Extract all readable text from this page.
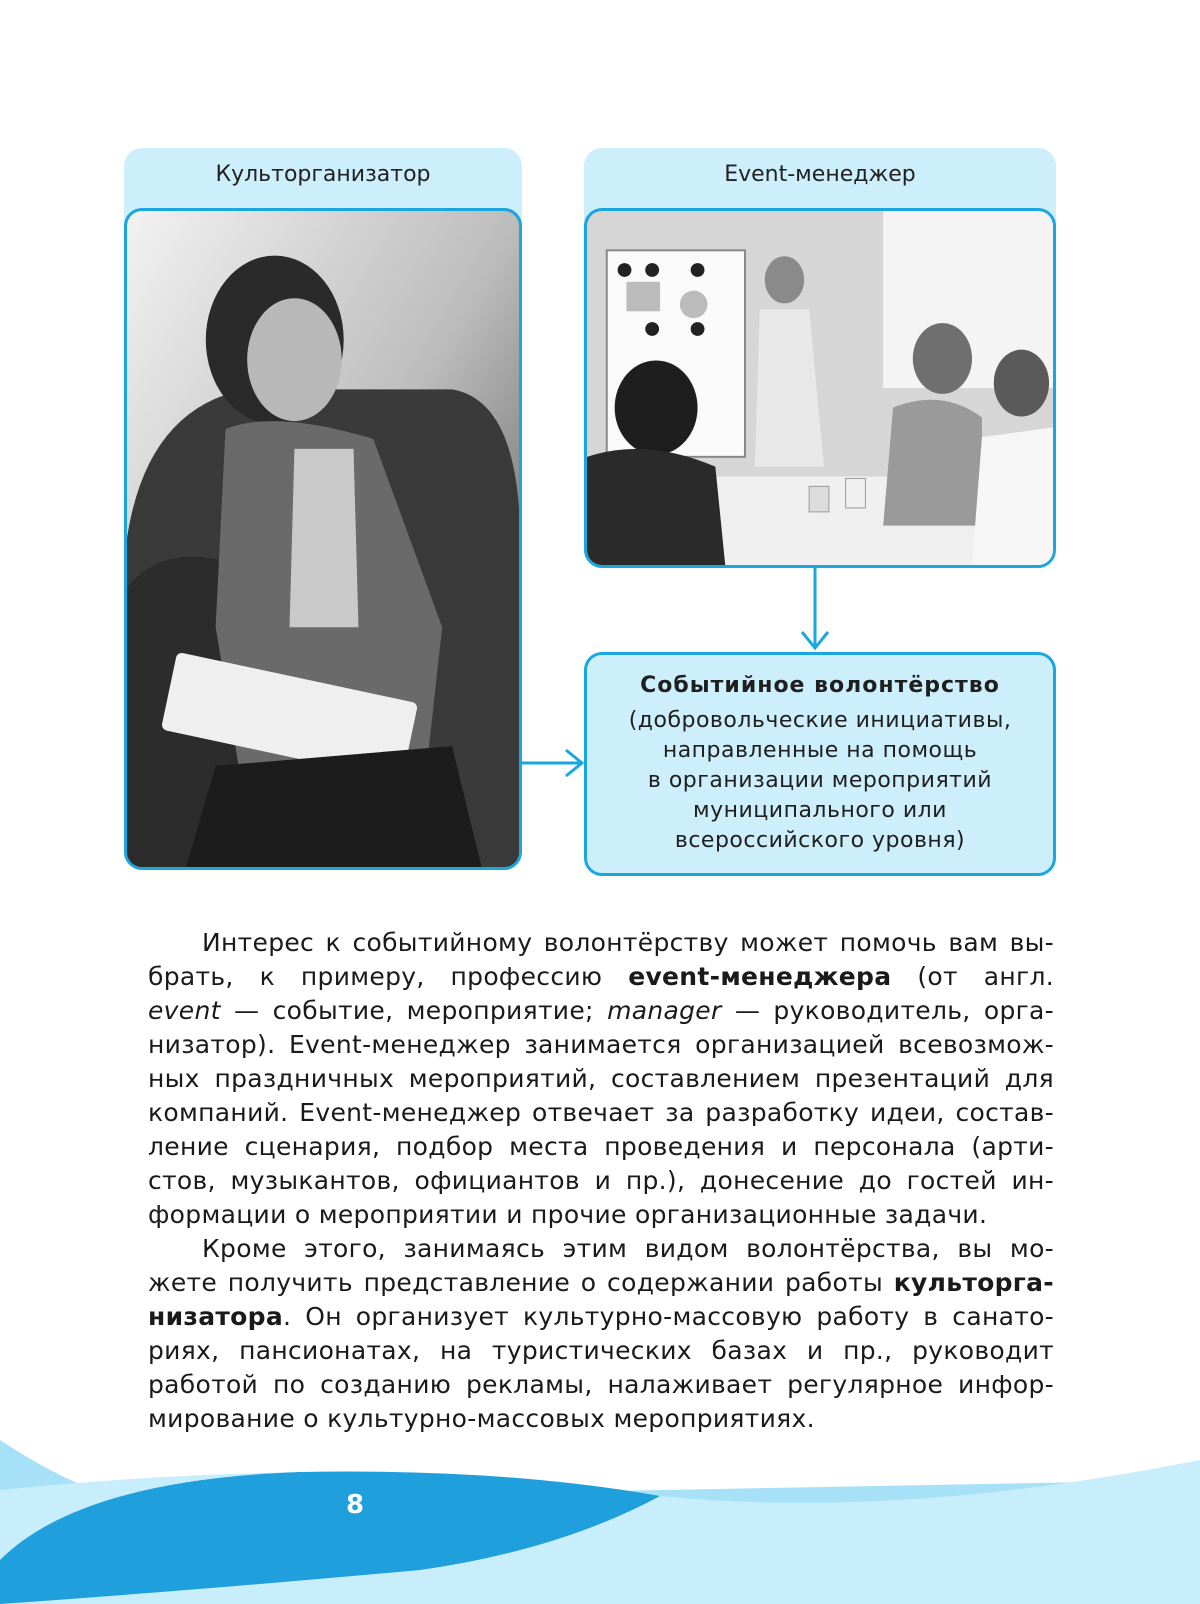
Культорганизатор	Event-менеджер
Событийное волонтёрство
(добровольческие инициативы,
направленные на помощь
в организации мероприятий
муниципального или
всероссийского уровня)

Интерес к событийному волонтёрству может помочь вам вы-

брать, к примеру, профессию event-менеджера (от англ.

event — событие, мероприятие; manager — руководитель, орга-

низатор). Event-менеджер занимается организацией всевозмож-

ных праздничных мероприятий, составлением презентаций для

компаний. Event-менеджер отвечает за разработку идеи, состав-

ление сценария, подбор места проведения и персонала (арти-

стов, музыкантов, официантов и пр.), донесение до гостей ин-

формации о мероприятии и прочие организационные задачи.

Кроме этого, занимаясь этим видом волонтёрства, вы мо-

жете получить представление о содержании работы культорга-

низатора. Он организует культурно-массовую работу в санато-

риях, пансионатах, на туристических базах и пр., руководит

работой по созданию рекламы, налаживает регулярное инфор-

мирование о культурно-массовых мероприятиях.

8
